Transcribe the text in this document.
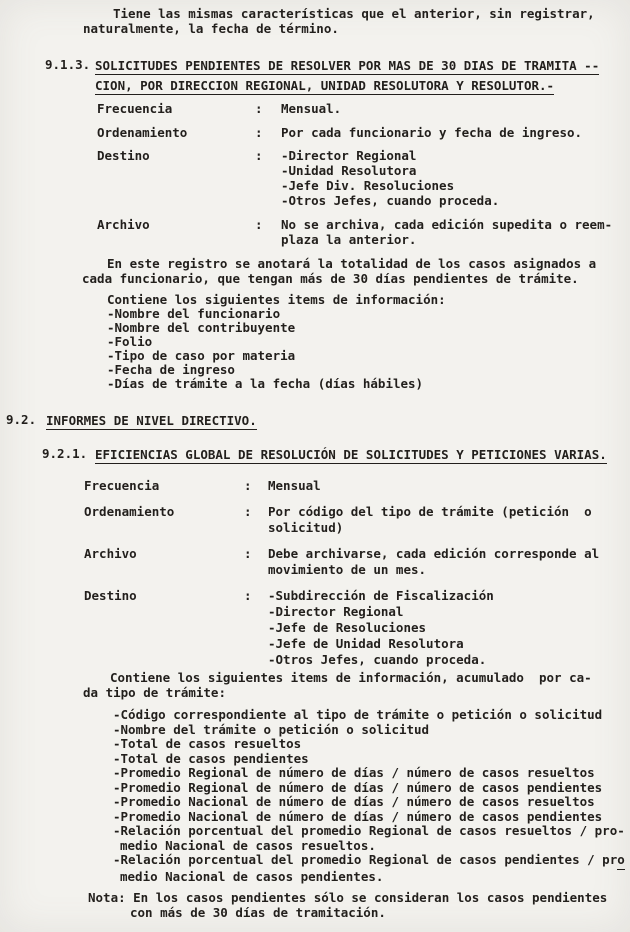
Tiene las mismas características que el anterior, sin registrar,
naturalmente, la fecha de término.
9.1.3. SOLICITUDES PENDIENTES DE RESOLVER POR MAS DE 30 DIAS DE TRAMITA --
CION, POR DIRECCION REGIONAL, UNIDAD RESOLUTORA Y RESOLUTOR.-
Frecuencia	:	Mensual.
Ordenamiento	:	Por cada funcionario y fecha de ingreso.
Destino	:	-Director Regional
-Unidad Resolutora
-Jefe Div. Resoluciones
-Otros Jefes, cuando proceda.
Archivo	:	No se archiva, cada edición supedita o reem-
plaza la anterior.
En este registro se anotará la totalidad de los casos asignados a
cada funcionario, que tengan más de 30 días pendientes de trámite.
Contiene los siguientes items de información:
-Nombre del funcionario
-Nombre del contribuyente
-Folio
-Tipo de caso por materia
-Fecha de ingreso
-Días de trámite a la fecha (días hábiles)
9.2. INFORMES DE NIVEL DIRECTIVO.
9.2.1. EFICIENCIAS GLOBAL DE RESOLUCIÓN DE SOLICITUDES Y PETICIONES VARIAS.
Frecuencia	:	Mensual
Ordenamiento	:	Por código del tipo de trámite (petición  o
solicitud)
Archivo	:	Debe archivarse, cada edición corresponde al
movimiento de un mes.
Destino	:	-Subdirección de Fiscalización
-Director Regional
-Jefe de Resoluciones
-Jefe de Unidad Resolutora
-Otros Jefes, cuando proceda.
Contiene los siguientes items de información, acumulado  por ca-
da tipo de trámite:
-Código correspondiente al tipo de trámite o petición o solicitud
-Nombre del trámite o petición o solicitud
-Total de casos resueltos
-Total de casos pendientes
-Promedio Regional de número de días / número de casos resueltos
-Promedio Regional de número de días / número de casos pendientes
-Promedio Nacional de número de días / número de casos resueltos
-Promedio Nacional de número de días / número de casos pendientes
-Relación porcentual del promedio Regional de casos resueltos / pro-
medio Nacional de casos resueltos.
-Relación porcentual del promedio Regional de casos pendientes / pro
medio Nacional de casos pendientes.
Nota: En los casos pendientes sólo se consideran los casos pendientes
con más de 30 días de tramitación.
